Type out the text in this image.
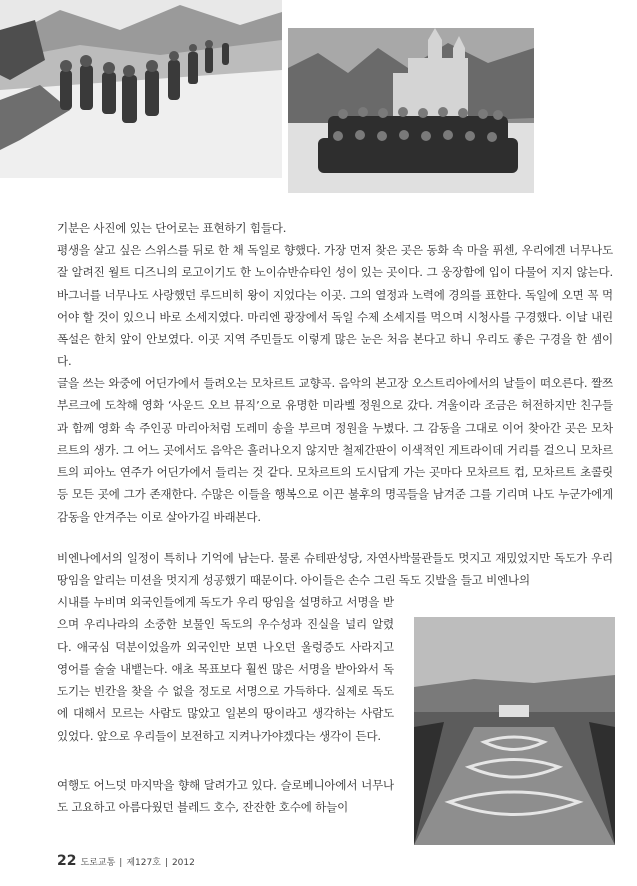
기분은 사진에 있는 단어로는 표현하기 힘들다.

평생을 살고 싶은 스위스를 뒤로 한 채 독일로 향했다. 가장 먼저 찾은 곳은 동화 속 마을 퓌센, 우리에겐 너무나도 잘 알려진 월트 디즈니의 로고이기도 한 노이슈반슈타인 성이 있는 곳이다. 그 웅장함에 입이 다물어 지지 않는다. 바그너를 너무나도 사랑했던 루드비히 왕이 지었다는 이곳. 그의 열정과 노력에 경의를 표한다. 독일에 오면 꼭 먹어야 할 것이 있으니 바로 소세지였다. 마리엔 광장에서 독일 수제 소세지를 먹으며 시청사를 구경했다. 이날 내린 폭설은 한치 앞이 안보였다. 이곳 지역 주민들도 이렇게 많은 눈은 처음 본다고 하니 우리도 좋은 구경을 한 셈이다.

글을 쓰는 와중에 어딘가에서 들려오는 모차르트 교향곡. 음악의 본고장 오스트리아에서의 날들이 떠오른다. 짤쯔부르크에 도착해 영화 ‘사운드 오브 뮤직’으로 유명한 미라벨 정원으로 갔다. 겨울이라 조금은 허전하지만 친구들과 함께 영화 속 주인공 마리아처럼 도레미 송을 부르며 정원을 누볐다. 그 감동을 그대로 이어 찾아간 곳은 모차르트의 생가. 그 어느 곳에서도 음악은 흘러나오지 않지만 철제간판이 이색적인 게트라이데 거리를 걸으니 모차르트의 피아노 연주가 어딘가에서 들리는 것 같다. 모차르트의 도시답게 가는 곳마다 모차르트 컵, 모차르트 초콜릿 등 모든 곳에 그가 존재한다. 수많은 이들을 행복으로 이끈 불후의 명곡들을 남겨준 그를 기리며 나도 누군가에게 감동을 안겨주는 이로 살아가길 바래본다.

비엔나에서의 일정이 특히나 기억에 남는다. 물론 슈테판성당, 자연사박물관들도 멋지고 재밌었지만 독도가 우리 땅임을 알리는 미션을 멋지게 성공했기 때문이다. 아이들은 손수 그린 독도 깃발을 들고 비엔나의

시내를 누비며 외국인들에게 독도가 우리 땅임을 설명하고 서명을 받으며 우리나라의 소중한 보물인 독도의 우수성과 진실을 널리 알렸다. 애국심 덕분이었을까 외국인만 보면 나오던 울렁증도 사라지고 영어를 술술 내뱉는다. 애초 목표보다 훨씬 많은 서명을 받아와서 독도기는 빈칸을 찾을 수 없을 정도로 서명으로 가득하다. 실제로 독도에 대해서 모르는 사람도 많았고 일본의 땅이라고 생각하는 사람도 있었다. 앞으로 우리들이 보전하고 지켜나가야겠다는 생각이 든다.

여행도 어느덧 마지막을 향해 달려가고 있다. 슬로베니아에서 너무나도 고요하고 아름다웠던 블레드 호수, 잔잔한 호수에 하늘이

22 도로교통 | 제127호 | 2012
